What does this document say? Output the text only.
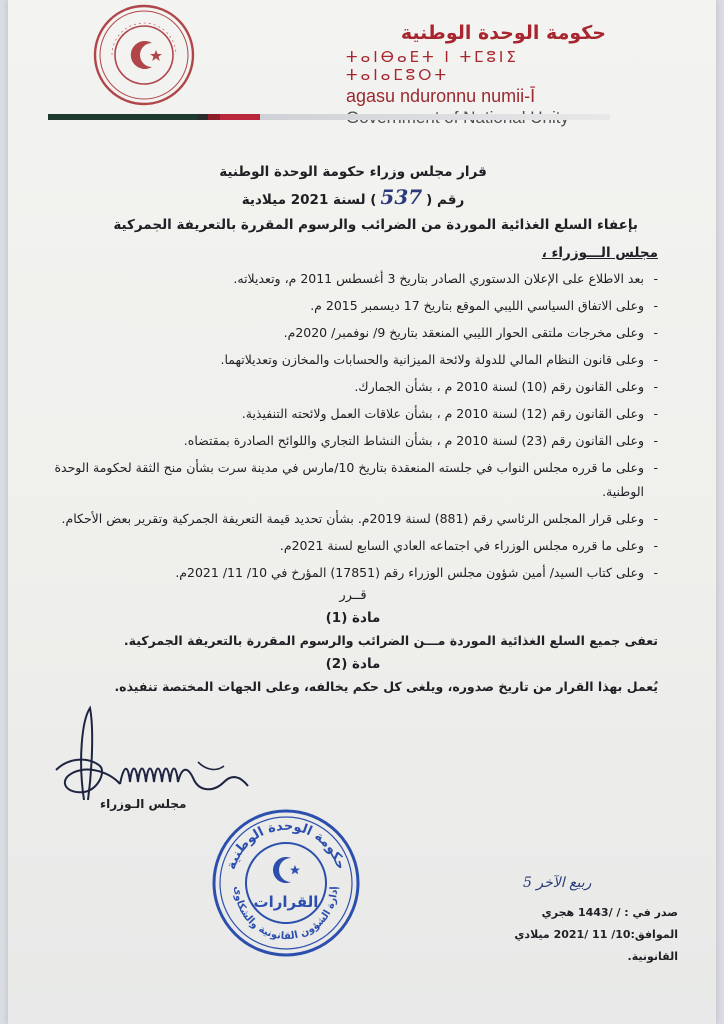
حكومة الوحدة الوطنية

ⵜⴰⵏⴱⴰⴹⵜ ⵏ ⵜⵎⵓⵏⵉ ⵜⴰⵏⴰⵎⵓⵔⵜ

agasu nduronnu numii-Ī

قرار مجلس وزراء حكومة الوحدة الوطنية

رقم (537) لسنة 2021 ميلادية

بإعفاء السلع الغذائية الموردة من الضرائب والرسوم المقررة بالتعريفة الجمركية

مجلس الـــوزراء ،

- بعد الاطلاع على الإعلان الدستوري الصادر بتاريخ 3 أغسطس 2011 م، وتعديلاته.
- وعلى الاتفاق السياسي الليبي الموقع بتاريخ 17 ديسمبر 2015 م.
- وعلى مخرجات ملتقى الحوار الليبي المنعقد بتاريخ 9/ نوفمبر/ 2020م.
- وعلى قانون النظام المالي للدولة ولائحة الميزانية والحسابات والمخازن وتعديلاتهما.
- وعلى القانون رقم (10) لسنة 2010 م ، بشأن الجمارك.
- وعلى القانون رقم (12) لسنة 2010 م ، بشأن علاقات العمل ولائحته التنفيذية.
- وعلى القانون رقم (23) لسنة 2010 م ، بشأن النشاط التجاري واللوائح الصادرة بمقتضاه.
- وعلى ما قرره مجلس النواب في جلسته المنعقدة بتاريخ 10/مارس في مدينة سرت بشأن منح الثقة لحكومة الوحدة الوطنية.
- وعلى قرار المجلس الرئاسي رقم (881) لسنة 2019م. بشأن تحديد قيمة التعريفة الجمركية وتقرير بعض الأحكام.
- وعلى ما قرره مجلس الوزراء في اجتماعه العادي السابع لسنة 2021م.
- وعلى كتاب السيد/ أمين شؤون مجلس الوزراء رقم (17851) المؤرخ في 10/ 11/ 2021م.

قــرر

مادة (1)

تعفى جميع السلع الغذائية الموردة مـــن الضرائب والرسوم المقررة بالتعريفة الجمركية.

مادة (2)

يُعمل بهذا القرار من تاريخ صدوره، ويلغى كل حكم يخالفه، وعلى الجهات المختصة تنفيذه.

مجلس الـوزراء
حكومة الوحدة الوطنية
إدارة الشؤون القانونية والشكاوى
القرارات
5 ربيع الآخر
صدر في : / /1443 هجري
الموافق:10/ 11 /2021 ميلادي
القانونية.
